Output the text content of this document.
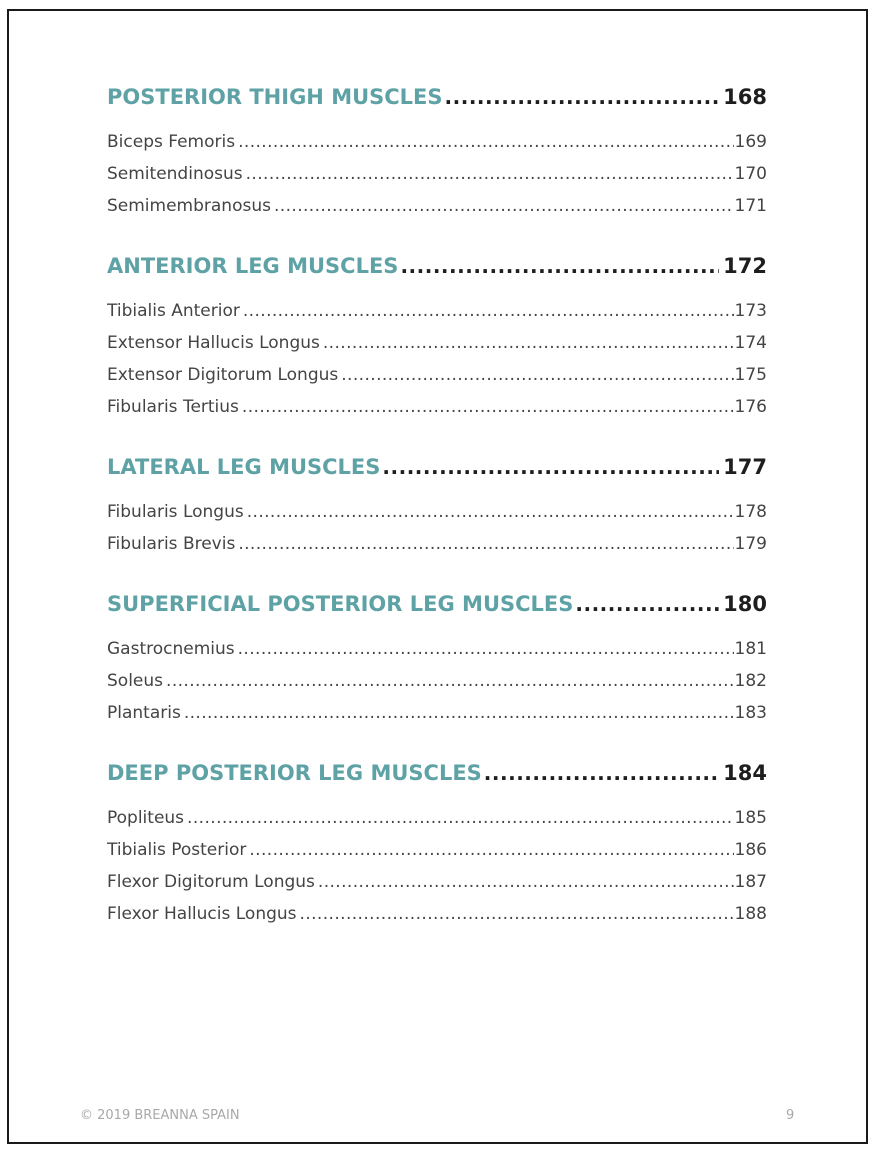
POSTERIOR THIGH MUSCLES .....	168
Biceps Femoris .....	169
Semitendinosus .....	170
Semimembranosus .....	171
ANTERIOR LEG MUSCLES .....	172
Tibialis Anterior .....	173
Extensor Hallucis Longus .....	174
Extensor Digitorum Longus .....	175
Fibularis Tertius .....	176
LATERAL LEG MUSCLES .....	177
Fibularis Longus .....	178
Fibularis Brevis .....	179
SUPERFICIAL POSTERIOR LEG MUSCLES .....	180
Gastrocnemius .....	181
Soleus .....	182
Plantaris .....	183
DEEP POSTERIOR LEG MUSCLES .....	184
Popliteus .....	185
Tibialis Posterior .....	186
Flexor Digitorum Longus .....	187
Flexor Hallucis Longus .....	188
© 2019 BREANNA SPAIN	9
